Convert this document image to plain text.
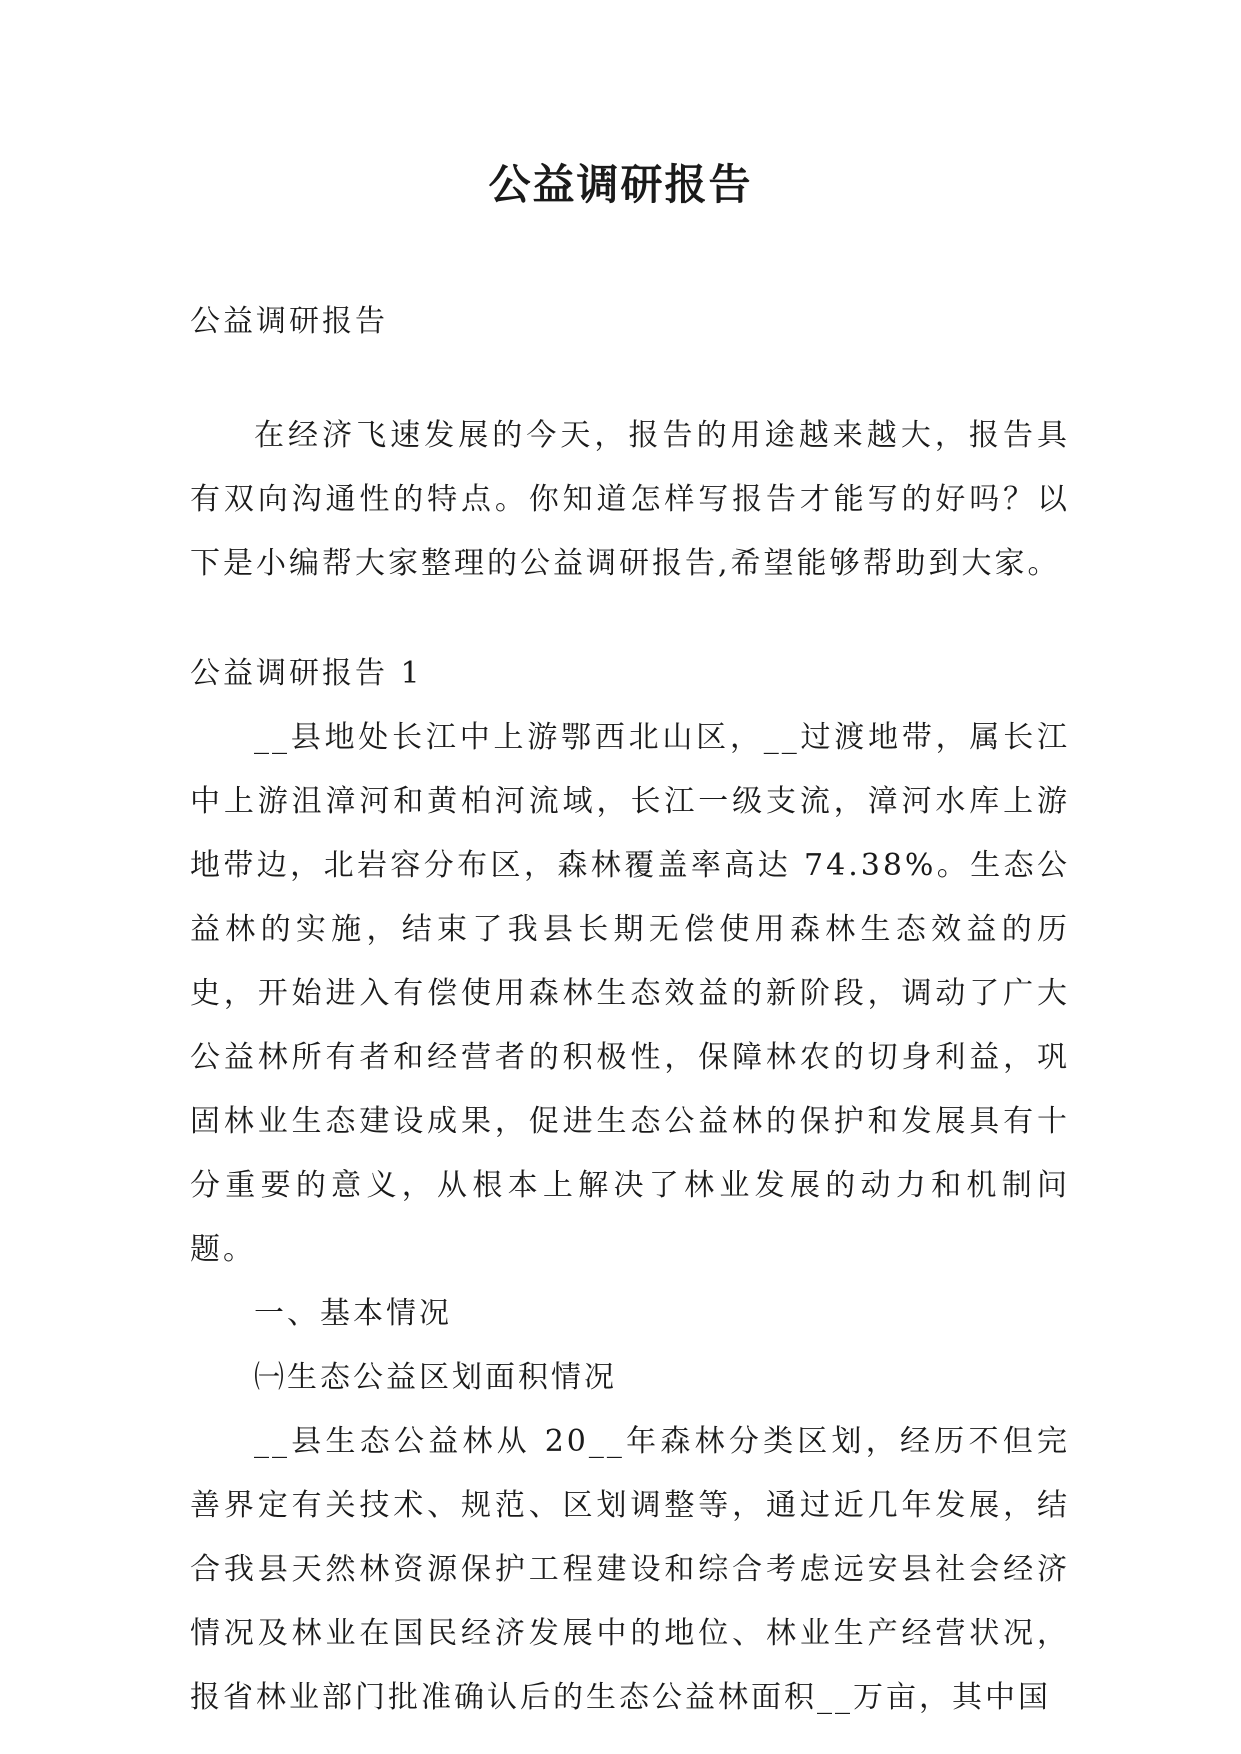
公益调研报告

公益调研报告

在经济飞速发展的今天，报告的用途越来越大，报告具有双向沟通性的特点。你知道怎样写报告才能写的好吗？以下是小编帮大家整理的公益调研报告,希望能够帮助到大家。

公益调研报告 1

__县地处长江中上游鄂西北山区，__过渡地带，属长江中上游沮漳河和黄柏河流域，长江一级支流，漳河水库上游地带边，北岩容分布区，森林覆盖率高达 74.38%。生态公益林的实施，结束了我县长期无偿使用森林生态效益的历史，开始进入有偿使用森林生态效益的新阶段，调动了广大公益林所有者和经营者的积极性，保障林农的切身利益，巩固林业生态建设成果，促进生态公益林的保护和发展具有十分重要的意义，从根本上解决了林业发展的动力和机制问题。

一、基本情况

㈠生态公益区划面积情况

__县生态公益林从 20__年森林分类区划，经历不但完善界定有关技术、规范、区划调整等，通过近几年发展，结合我县天然林资源保护工程建设和综合考虑远安县社会经济情况及林业在国民经济发展中的地位、林业生产经营状况，报省林业部门批准确认后的生态公益林面积__万亩，其中国
